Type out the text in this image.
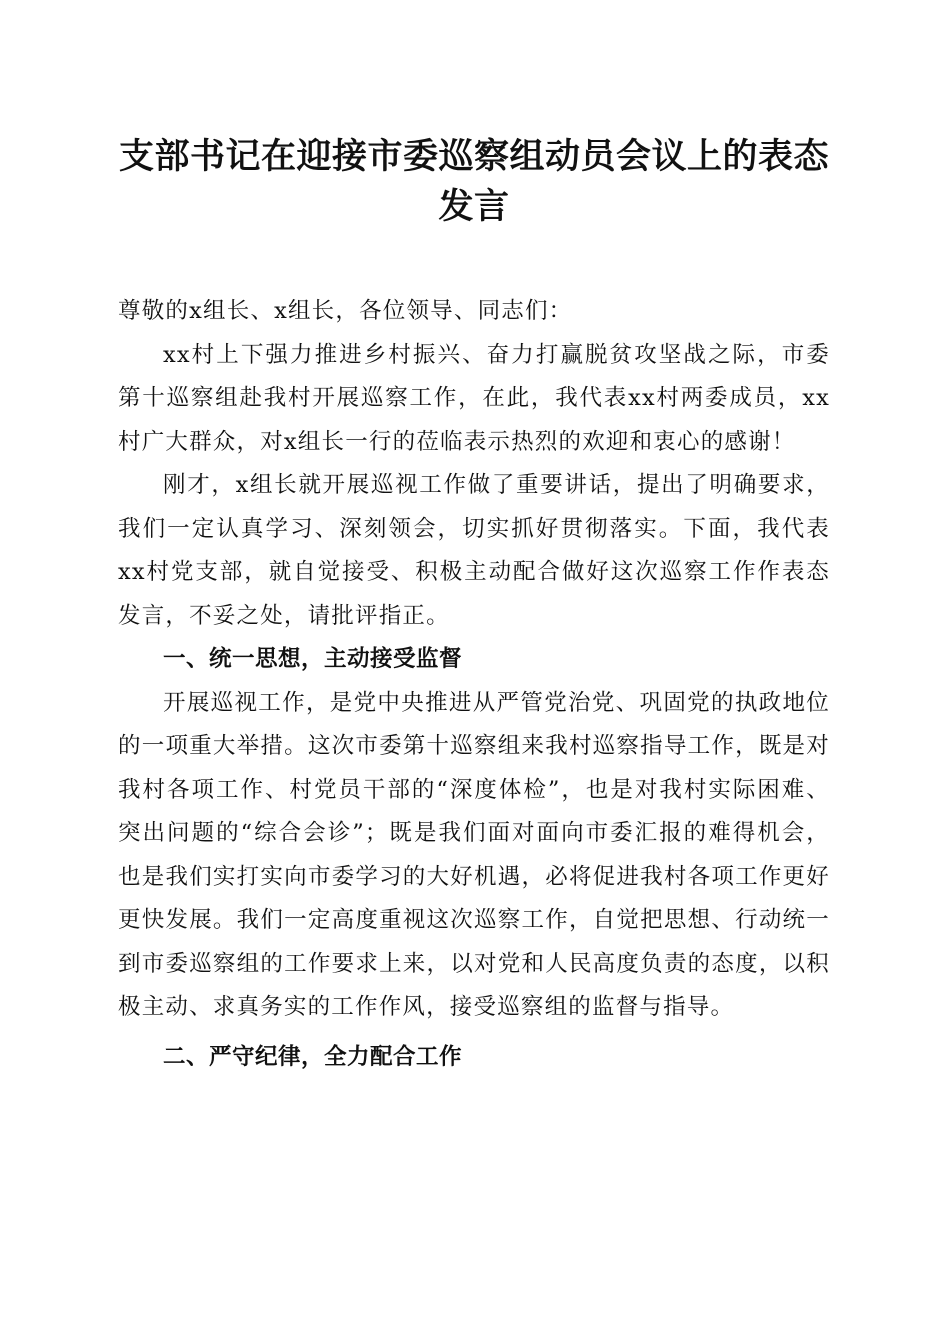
支部书记在迎接市委巡察组动员会议上的表态发言

尊敬的x组长、x组长，各位领导、同志们：

xx村上下强力推进乡村振兴、奋力打赢脱贫攻坚战之际，市委第十巡察组赴我村开展巡察工作，在此，我代表xx村两委成员，xx村广大群众，对x组长一行的莅临表示热烈的欢迎和衷心的感谢！

刚才，x组长就开展巡视工作做了重要讲话，提出了明确要求，我们一定认真学习、深刻领会，切实抓好贯彻落实。下面，我代表xx村党支部，就自觉接受、积极主动配合做好这次巡察工作作表态发言，不妥之处，请批评指正。

一、统一思想，主动接受监督

开展巡视工作，是党中央推进从严管党治党、巩固党的执政地位的一项重大举措。这次市委第十巡察组来我村巡察指导工作，既是对我村各项工作、村党员干部的“深度体检”，也是对我村实际困难、突出问题的“综合会诊”；既是我们面对面向市委汇报的难得机会，也是我们实打实向市委学习的大好机遇，必将促进我村各项工作更好更快发展。我们一定高度重视这次巡察工作，自觉把思想、行动统一到市委巡察组的工作要求上来，以对党和人民高度负责的态度，以积极主动、求真务实的工作作风，接受巡察组的监督与指导。

二、严守纪律，全力配合工作
